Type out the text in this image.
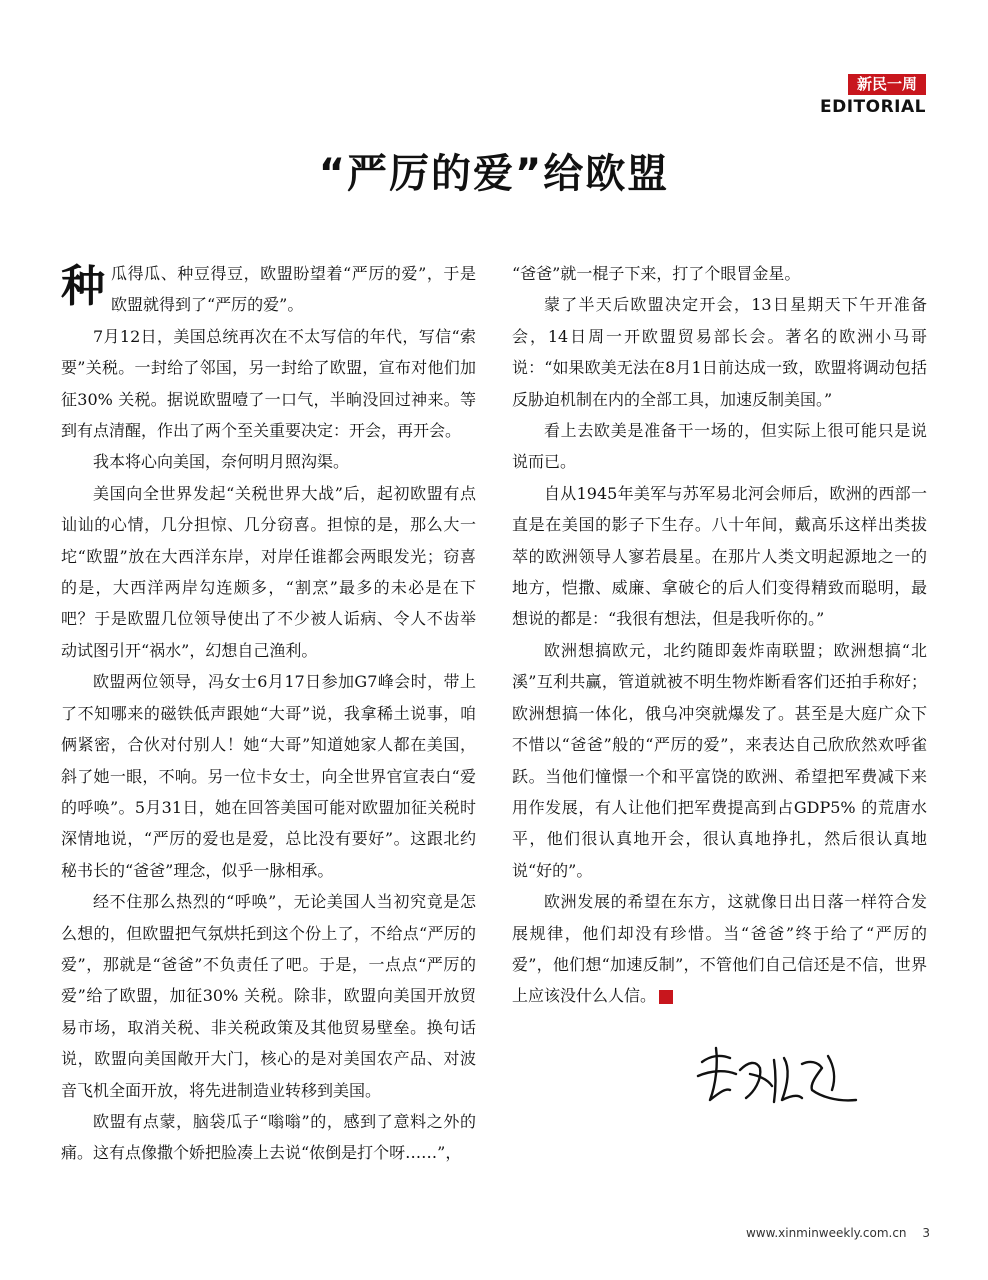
新民一周
EDITORIAL
“严厉的爱”给欧盟

种瓜得瓜、种豆得豆，欧盟盼望着“严厉的爱”，于是欧盟就得到了“严厉的爱”。

7月12日，美国总统再次在不太写信的年代，写信“索要”关税。一封给了邻国，另一封给了欧盟，宣布对他们加征30% 关税。据说欧盟噎了一口气，半晌没回过神来。等到有点清醒，作出了两个至关重要决定：开会，再开会。

我本将心向美国，奈何明月照沟渠。

美国向全世界发起“关税世界大战”后，起初欧盟有点讪讪的心情，几分担惊、几分窃喜。担惊的是，那么大一坨“欧盟”放在大西洋东岸，对岸任谁都会两眼发光；窃喜的是，大西洋两岸勾连颇多，“割烹”最多的未必是在下吧？于是欧盟几位领导使出了不少被人诟病、令人不齿举动试图引开“祸水”，幻想自己渔利。

欧盟两位领导，冯女士6月17日参加G7峰会时，带上了不知哪来的磁铁低声跟她“大哥”说，我拿稀土说事，咱俩紧密，合伙对付别人！她“大哥”知道她家人都在美国，斜了她一眼，不响。另一位卡女士，向全世界官宣表白“爱的呼唤”。5月31日，她在回答美国可能对欧盟加征关税时深情地说，“严厉的爱也是爱，总比没有要好”。这跟北约秘书长的“爸爸”理念，似乎一脉相承。

经不住那么热烈的“呼唤”，无论美国人当初究竟是怎么想的，但欧盟把气氛烘托到这个份上了，不给点“严厉的爱”，那就是“爸爸”不负责任了吧。于是，一点点“严厉的爱”给了欧盟，加征30% 关税。除非，欧盟向美国开放贸易市场，取消关税、非关税政策及其他贸易壁垒。换句话说，欧盟向美国敞开大门，核心的是对美国农产品、对波音飞机全面开放，将先进制造业转移到美国。

欧盟有点蒙，脑袋瓜子“嗡嗡”的，感到了意料之外的痛。这有点像撒个娇把脸凑上去说“侬倒是打个呀……”，

“爸爸”就一棍子下来，打了个眼冒金星。

蒙了半天后欧盟决定开会，13日星期天下午开准备会，14日周一开欧盟贸易部长会。著名的欧洲小马哥说：“如果欧美无法在8月1日前达成一致，欧盟将调动包括反胁迫机制在内的全部工具，加速反制美国。”

看上去欧美是准备干一场的，但实际上很可能只是说说而已。

自从1945年美军与苏军易北河会师后，欧洲的西部一直是在美国的影子下生存。八十年间，戴高乐这样出类拔萃的欧洲领导人寥若晨星。在那片人类文明起源地之一的地方，恺撒、威廉、拿破仑的后人们变得精致而聪明，最想说的都是：“我很有想法，但是我听你的。”

欧洲想搞欧元，北约随即轰炸南联盟；欧洲想搞“北溪”互利共赢，管道就被不明生物炸断看客们还拍手称好；欧洲想搞一体化，俄乌冲突就爆发了。甚至是大庭广众下不惜以“爸爸”般的“严厉的爱”，来表达自己欣欣然欢呼雀跃。当他们憧憬一个和平富饶的欧洲、希望把军费减下来用作发展，有人让他们把军费提高到占GDP5% 的荒唐水平，他们很认真地开会，很认真地挣扎，然后很认真地说“好的”。

欧洲发展的希望在东方，这就像日出日落一样符合发展规律，他们却没有珍惜。当“爸爸”终于给了“严厉的爱”，他们想“加速反制”，不管他们自己信还是不信，世界上应该没什么人信。	民

www.xinminweekly.com.cn 3
